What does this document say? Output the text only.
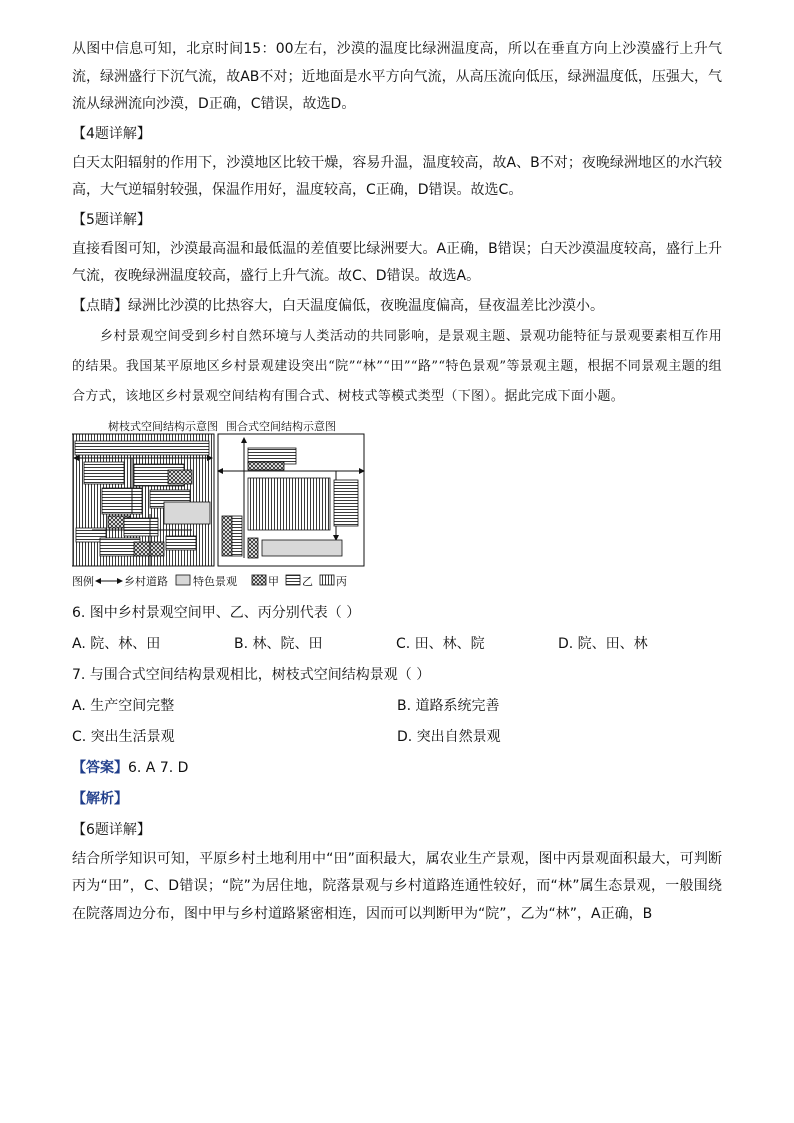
从图中信息可知，北京时间15：00左右，沙漠的温度比绿洲温度高，所以在垂直方向上沙漠盛行上升气流，绿洲盛行下沉气流，故AB不对；近地面是水平方向气流，从高压流向低压，绿洲温度低，压强大，气流从绿洲流向沙漠，D正确，C错误，故选D。

【4题详解】

白天太阳辐射的作用下，沙漠地区比较干燥，容易升温，温度较高，故A、B不对；夜晚绿洲地区的水汽较高，大气逆辐射较强，保温作用好，温度较高，C正确，D错误。故选C。

【5题详解】

直接看图可知，沙漠最高温和最低温的差值要比绿洲要大。A正确，B错误；白天沙漠温度较高，盛行上升气流，夜晚绿洲温度较高，盛行上升气流。故C、D错误。故选A。

【点睛】绿洲比沙漠的比热容大，白天温度偏低，夜晚温度偏高，昼夜温差比沙漠小。

乡村景观空间受到乡村自然环境与人类活动的共同影响，是景观主题、景观功能特征与景观要素相互作用的结果。我国某平原地区乡村景观建设突出“院”“林”“田”“路”“特色景观”等景观主题，根据不同景观主题的组合方式，该地区乡村景观空间结构有围合式、树枝式等模式类型（下图）。据此完成下面小题。

树枝式空间结构示意图 围合式空间结构示意图
图例	乡村道路 特色景观	甲 乙 丙

6. 图中乡村景观空间甲、乙、丙分别代表（ ）

A. 院、林、田	B. 林、院、田	C. 田、林、院	D. 院、田、林

7. 与围合式空间结构景观相比，树枝式空间结构景观（ ）

A. 生产空间完整	B. 道路系统完善
C. 突出生活景观	D. 突出自然景观

【答案】6. A 7. D

【解析】

【6题详解】

结合所学知识可知，平原乡村土地利用中“田”面积最大，属农业生产景观，图中丙景观面积最大，可判断丙为“田”，C、D错误；“院”为居住地，院落景观与乡村道路连通性较好，而“林”属生态景观，一般围绕在院落周边分布，图中甲与乡村道路紧密相连，因而可以判断甲为“院”，乙为“林”，A正确，B
